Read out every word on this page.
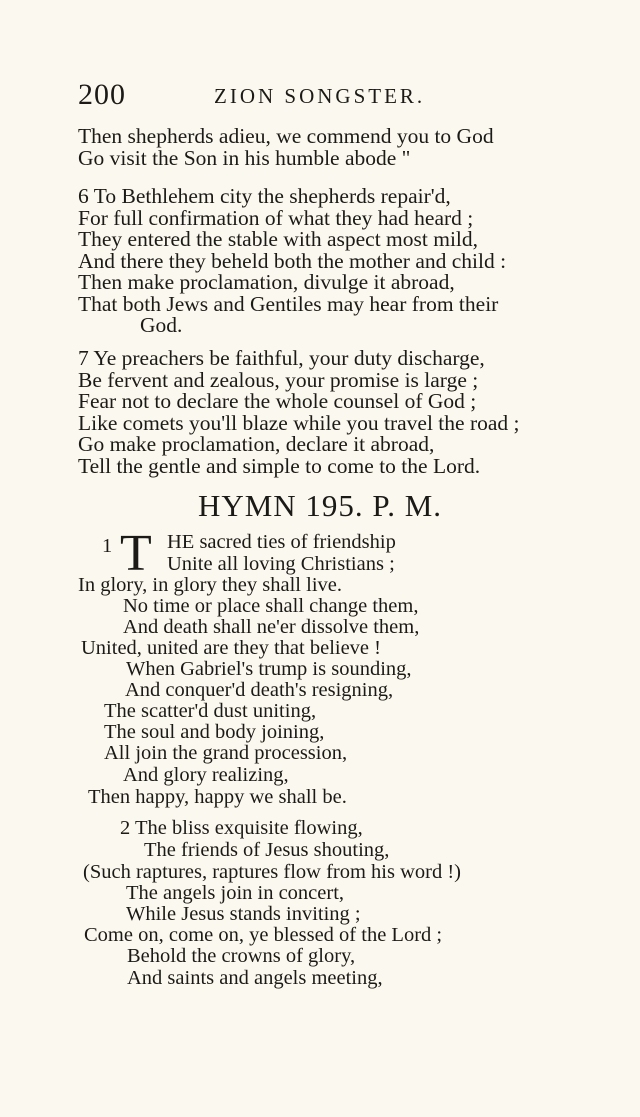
200	ZION SONGSTER.
Then shepherds adieu, we commend you to God
Go visit the Son in his humble abode "
6 To Bethlehem city the shepherds repair'd,
For full confirmation of what they had heard ;
They entered the stable with aspect most mild,
And there they beheld both the mother and child :
Then make proclamation, divulge it abroad,
That both Jews and Gentiles may hear from their
God.
7 Ye preachers be faithful, your duty discharge,
Be fervent and zealous, your promise is large ;
Fear not to declare the whole counsel of God ;
Like comets you'll blaze while you travel the road ;
Go make proclamation, declare it abroad,
Tell the gentle and simple to come to the Lord.
HYMN 195. P. M.
1 T HE sacred ties of friendship
Unite all loving Christians ;
In glory, in glory they shall live.
No time or place shall change them,
And death shall ne'er dissolve them,
United, united are they that believe !
When Gabriel's trump is sounding,
And conquer'd death's resigning,
The scatter'd dust uniting,
The soul and body joining,
All join the grand procession,
And glory realizing,
Then happy, happy we shall be.
2 The bliss exquisite flowing,
The friends of Jesus shouting,
(Such raptures, raptures flow from his word !)
The angels join in concert,
While Jesus stands inviting ;
Come on, come on, ye blessed of the Lord ;
Behold the crowns of glory,
And saints and angels meeting,
